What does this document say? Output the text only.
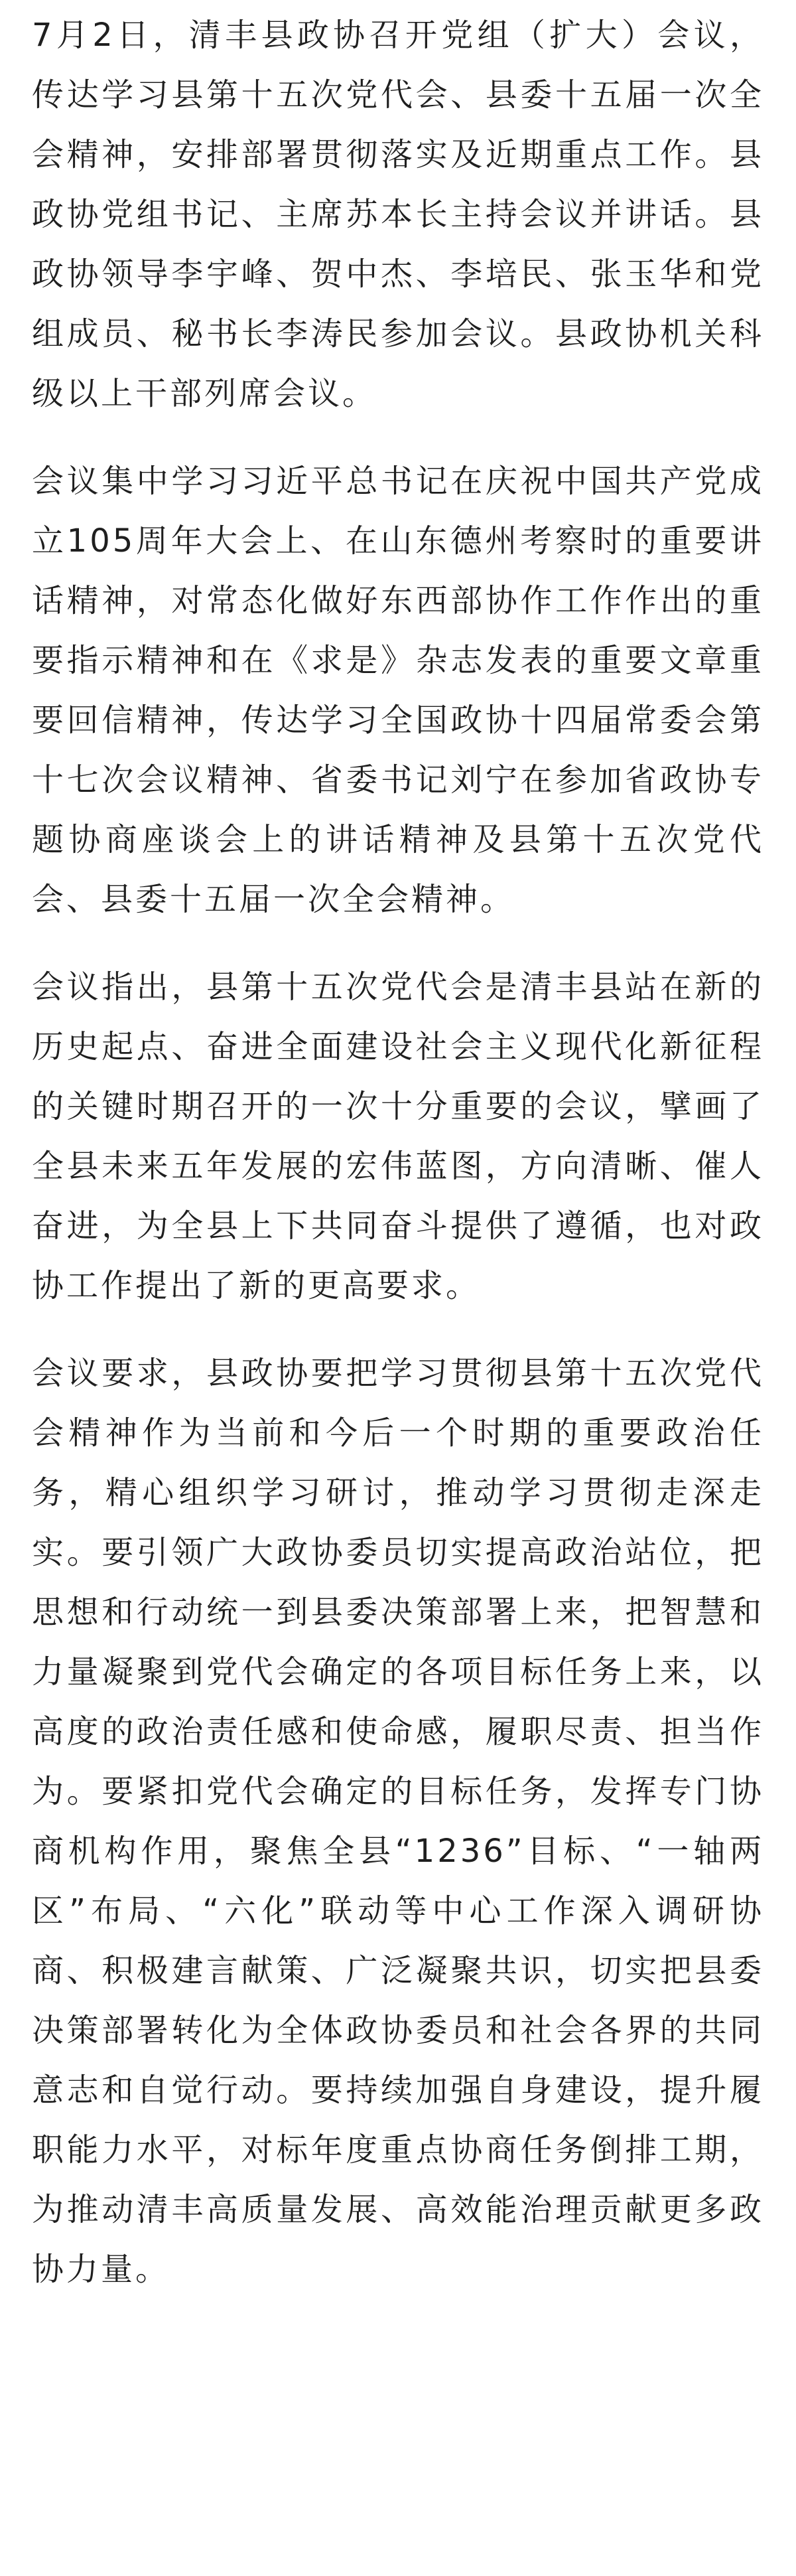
7月2日，清丰县政协召开党组（扩大）会议，传达学习县第十五次党代会、县委十五届一次全会精神，安排部署贯彻落实及近期重点工作。县政协党组书记、主席苏本长主持会议并讲话。县政协领导李宇峰、贺中杰、李培民、张玉华和党组成员、秘书长李涛民参加会议。县政协机关科级以上干部列席会议。

会议集中学习习近平总书记在庆祝中国共产党成立105周年大会上、在山东德州考察时的重要讲话精神，对常态化做好东西部协作工作作出的重要指示精神和在《求是》杂志发表的重要文章重要回信精神，传达学习全国政协十四届常委会第十七次会议精神、省委书记刘宁在参加省政协专题协商座谈会上的讲话精神及县第十五次党代会、县委十五届一次全会精神。

会议指出，县第十五次党代会是清丰县站在新的历史起点、奋进全面建设社会主义现代化新征程的关键时期召开的一次十分重要的会议，擘画了全县未来五年发展的宏伟蓝图，方向清晰、催人奋进，为全县上下共同奋斗提供了遵循，也对政协工作提出了新的更高要求。

会议要求，县政协要把学习贯彻县第十五次党代会精神作为当前和今后一个时期的重要政治任务，精心组织学习研讨，推动学习贯彻走深走实。要引领广大政协委员切实提高政治站位，把思想和行动统一到县委决策部署上来，把智慧和力量凝聚到党代会确定的各项目标任务上来，以高度的政治责任感和使命感，履职尽责、担当作为。要紧扣党代会确定的目标任务，发挥专门协商机构作用，聚焦全县“1236”目标、“一轴两区”布局、“六化”联动等中心工作深入调研协商、积极建言献策、广泛凝聚共识，切实把县委决策部署转化为全体政协委员和社会各界的共同意志和自觉行动。要持续加强自身建设，提升履职能力水平，对标年度重点协商任务倒排工期，为推动清丰高质量发展、高效能治理贡献更多政协力量。
